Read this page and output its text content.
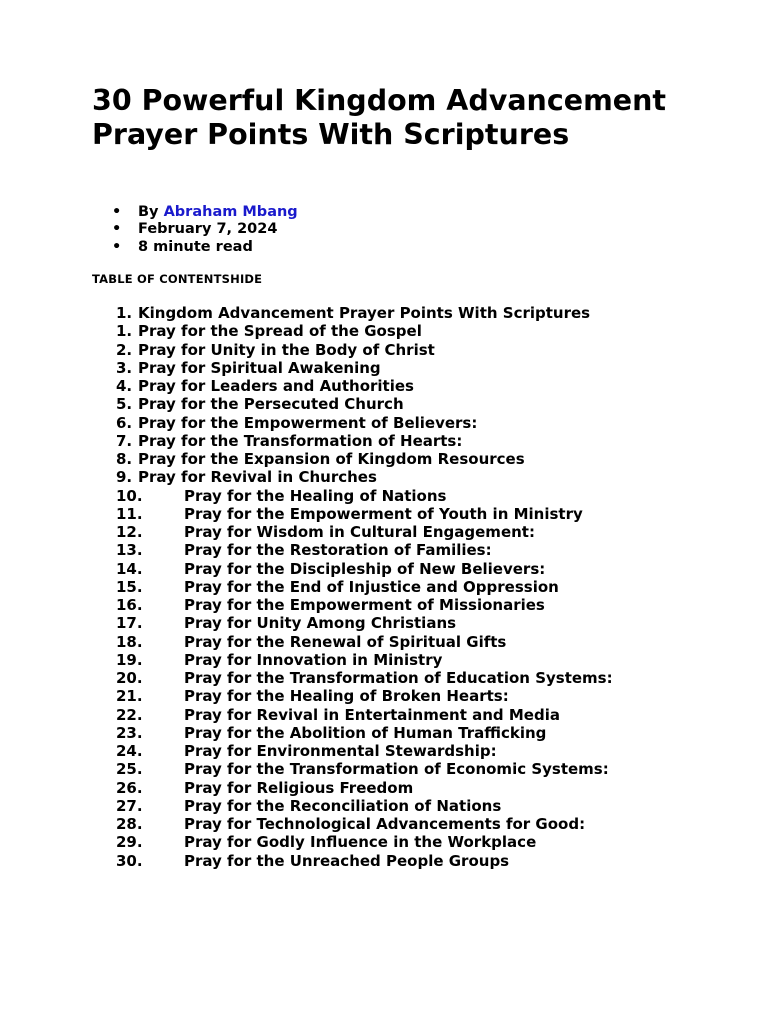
30 Powerful Kingdom Advancement Prayer Points With Scriptures
• By Abraham Mbang
• February 7, 2024
• 8 minute read
TABLE OF CONTENTSHIDE
1. Kingdom Advancement Prayer Points With Scriptures
1. Pray for the Spread of the Gospel
2. Pray for Unity in the Body of Christ
3. Pray for Spiritual Awakening
4. Pray for Leaders and Authorities
5. Pray for the Persecuted Church
6. Pray for the Empowerment of Believers:
7. Pray for the Transformation of Hearts:
8. Pray for the Expansion of Kingdom Resources
9. Pray for Revival in Churches
10.	Pray for the Healing of Nations
11.	Pray for the Empowerment of Youth in Ministry
12.	Pray for Wisdom in Cultural Engagement:
13.	Pray for the Restoration of Families:
14.	Pray for the Discipleship of New Believers:
15.	Pray for the End of Injustice and Oppression
16.	Pray for the Empowerment of Missionaries
17.	Pray for Unity Among Christians
18.	Pray for the Renewal of Spiritual Gifts
19.	Pray for Innovation in Ministry
20.	Pray for the Transformation of Education Systems:
21.	Pray for the Healing of Broken Hearts:
22.	Pray for Revival in Entertainment and Media
23.	Pray for the Abolition of Human Trafficking
24.	Pray for Environmental Stewardship:
25.	Pray for the Transformation of Economic Systems:
26.	Pray for Religious Freedom
27.	Pray for the Reconciliation of Nations
28.	Pray for Technological Advancements for Good:
29.	Pray for Godly Influence in the Workplace
30.	Pray for the Unreached People Groups
